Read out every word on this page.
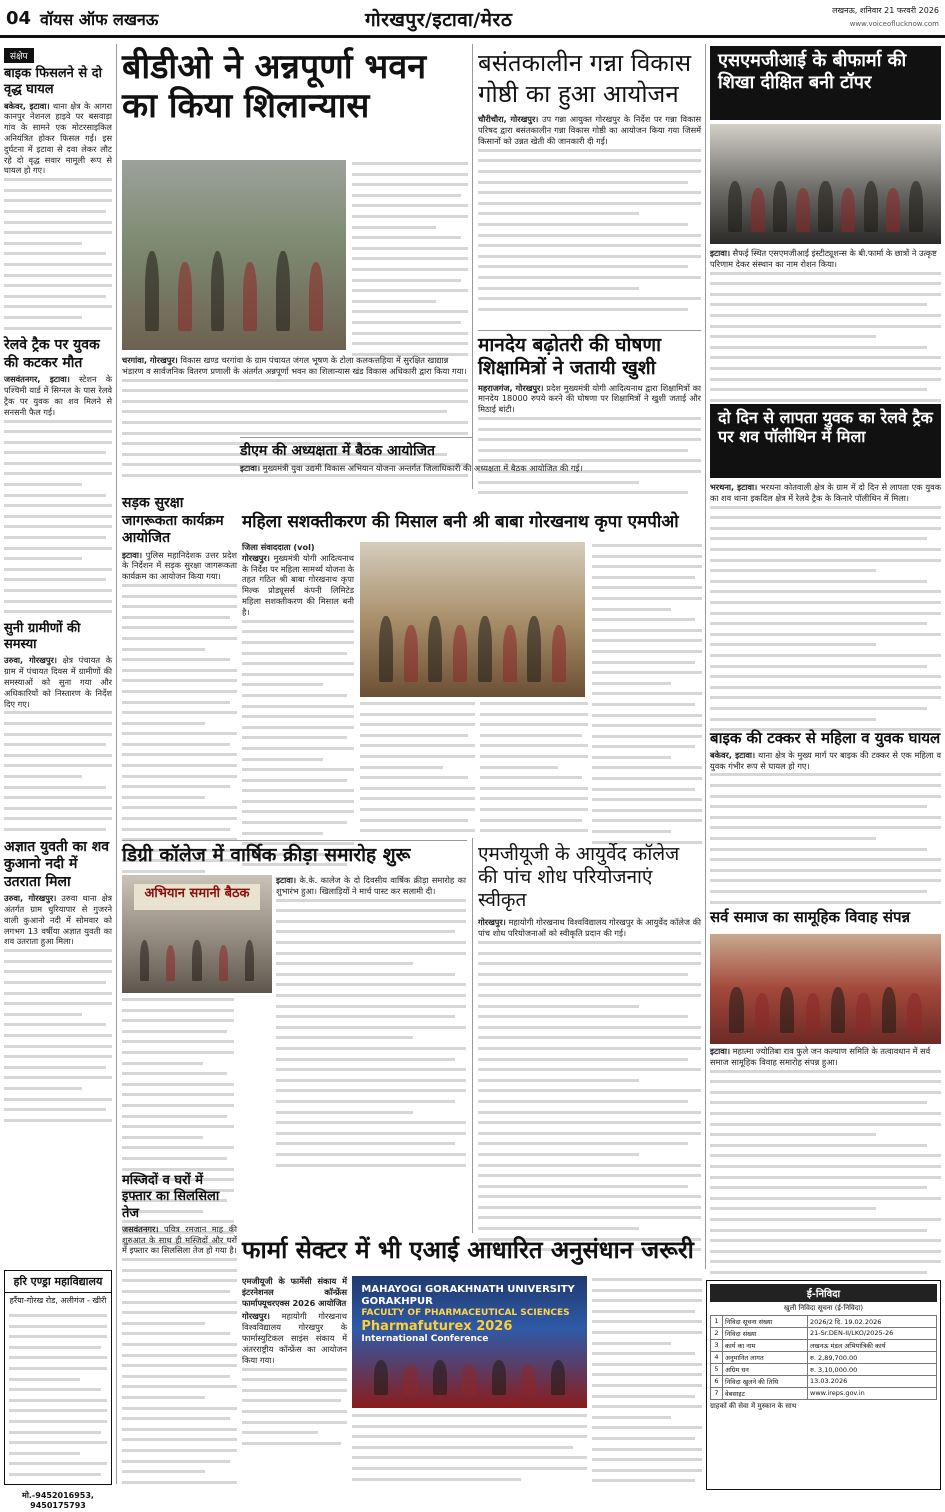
04 वॉयस ऑफ लखनऊ	गोरखपुर/इटावा/मेरठ	लखनऊ, शनिवार 21 फरवरी 2026
www.voiceoflucknow.com
संक्षेप
बाइक फिसलने से दो वृद्ध घायल
बकेवर, इटावा। थाना क्षेत्र के आगरा कानपुर नेशनल हाइवे पर बसवाड़ा गांव के सामने एक मोटरसाइकिल अनियंत्रित होकर फिसल गई। इस दुर्घटना में इटावा से दवा लेकर लौट रहे दो वृद्ध सवार मामूली रूप से घायल हो गए।
रेलवे ट्रैक पर युवक की कटकर मौत
जसवंतनगर, इटावा। स्टेशन के पश्चिमी यार्ड में सिग्नल के पास रेलवे ट्रैक पर युवक का शव मिलने से सनसनी फैल गई।
सुनी ग्रामीणों की समस्या
उरुवा, गोरखपुर। क्षेत्र पंचायत के ग्राम में पंचायत दिवस में ग्रामीणों की समस्याओं को सुना गया और अधिकारियों को निस्तारण के निर्देश दिए गए।
अज्ञात युवती का शव कुआनो नदी में उतराता मिला
उरुवा, गोरखपुर। उरुवा थाना क्षेत्र अंतर्गत ग्राम धुरियापार से गुजरने वाली कुआनो नदी में सोमवार को लगभग 13 वर्षीया अज्ञात युवती का शव उतराता हुआ मिला।
हरि एण्ड्रा महाविद्यालय
हर्रैया-गोरख रोड, अलीगंज - खीरी
मो.-9452016953, 9450175793
बीडीओ ने अन्नपूर्णा भवन का किया शिलान्यास
चरगांवा, गोरखपुर। विकास खण्ड चरगांवा के ग्राम पंचायत जंगल भूषण के टोला कलकत्तहिया में सुरक्षित खाद्यान्न भंडारण व सार्वजनिक वितरण प्रणाली के अंतर्गत अन्नपूर्णा भवन का शिलान्यास खंड विकास अधिकारी द्वारा किया गया।
बसंतकालीन गन्ना विकास गोष्ठी का हुआ आयोजन
चौरीचौरा, गोरखपुर। उप गन्ना आयुक्त गोरखपुर के निर्देश पर गन्ना विकास परिषद द्वारा बसंतकालीन गन्ना विकास गोष्ठी का आयोजन किया गया जिसमें किसानों को उन्नत खेती की जानकारी दी गई।
मानदेय बढ़ोतरी की घोषणा शिक्षामित्रों ने जतायी खुशी
महराजगंज, गोरखपुर। प्रदेश मुख्यमंत्री योगी आदित्यनाथ द्वारा शिक्षामित्रों का मानदेय 18000 रुपये करने की घोषणा पर शिक्षामित्रों ने खुशी जताई और मिठाई बांटी।
डीएम की अध्यक्षता में बैठक आयोजित
इटावा। मुख्यमंत्री युवा उद्यमी विकास अभियान योजना अन्तर्गत जिलाधिकारी की अध्यक्षता में बैठक आयोजित की गई।
सड़क सुरक्षा जागरूकता कार्यक्रम आयोजित
इटावा। पुलिस महानिदेशक उत्तर प्रदेश के निर्देशन में सड़क सुरक्षा जागरूकता कार्यक्रम का आयोजन किया गया।
महिला सशक्तीकरण की मिसाल बनी श्री बाबा गोरखनाथ कृपा एमपीओ
जिला संवाददाता (vol)
गोरखपुर। मुख्यमंत्री योगी आदित्यनाथ के निर्देश पर महिला सामर्थ्य योजना के तहत गठित श्री बाबा गोरखनाथ कृपा मिल्क प्रोड्यूसर्स कंपनी लिमिटेड महिला सशक्तीकरण की मिसाल बनी है।
एसएमजीआई के बीफार्मा की शिखा दीक्षित बनी टॉपर
इटावा। सैफई स्थित एसएमजीआई इंस्टीट्यूशन्स के बी.फार्मा के छात्रों ने उत्कृष्ट परिणाम देकर संस्थान का नाम रोशन किया।
दो दिन से लापता युवक का रेलवे ट्रैक पर शव पॉलीथिन में मिला
भरथना, इटावा। भरथना कोतवाली क्षेत्र के ग्राम में दो दिन से लापता एक युवक का शव थाना इकदिल क्षेत्र में रेलवे ट्रैक के किनारे पॉलीथिन में मिला।
बाइक की टक्कर से महिला व युवक घायल
बकेवर, इटावा। थाना क्षेत्र के मुख्य मार्ग पर बाइक की टक्कर से एक महिला व युवक गंभीर रूप से घायल हो गए।
सर्व समाज का सामूहिक विवाह संपन्न
इटावा। महात्मा ज्योतिबा राव फुले जन कल्याण समिति के तत्वावधान में सर्व समाज सामूहिक विवाह समारोह संपन्न हुआ।
ई-निविदा
खुली निविदा सूचना (ई-निविदा)
1	निविदा सूचना संख्या	2026/2 दि. 19.02.2026
2	निविदा संख्या	21-Sr.DEN-II/LKO/2025-26
3	कार्य का नाम	लखनऊ मंडल अभियांत्रिकी कार्य
4	अनुमानित लागत	रु. 2,89,700.00
5	अग्रिम धन	रु. 3,10,000.00
6	निविदा खुलने की तिथि	13.03.2026
7	वेबसाइट	www.ireps.gov.in
ग्राहकों की सेवा में मुस्कान के साथ
डिग्री कॉलेज में वार्षिक क्रीड़ा समारोह शुरू
अभियान समानी बैठक
इटावा। के.के. कालेज के दो दिवसीय वार्षिक क्रीड़ा समारोह का शुभारंभ हुआ। खिलाड़ियों ने मार्च पास्ट कर सलामी दी।
एमजीयूजी के आयुर्वेद कॉलेज की पांच शोध परियोजनाएं स्वीकृत
गोरखपुर। महायोगी गोरखनाथ विश्वविद्यालय गोरखपुर के आयुर्वेद कॉलेज की पांच शोध परियोजनाओं को स्वीकृति प्रदान की गई।
मस्जिदों व घरों में इफ्तार का सिलसिला तेज
जसवंतनगर। पवित्र रमजान माह की शुरुआत के साथ ही मस्जिदों और घरों में इफ्तार का सिलसिला तेज हो गया है। फार्मा सेक्टर में भी एआई आधारित अनुसंधान जरूरी
एमजीयूजी के फार्मेसी संकाय में इंटरनेशनल कॉन्फ्रेंस फार्माफ्यूचरएक्स 2026 आयोजित
गोरखपुर। महायोगी गोरखनाथ विश्वविद्यालय गोरखपुर के फार्मास्युटिकल साइंस संकाय में अंतरराष्ट्रीय कॉन्फ्रेंस का आयोजन किया गया।
MAHAYOGI GORAKHNATH UNIVERSITY GORAKHPUR
FACULTY OF PHARMACEUTICAL SCIENCES
Pharmafuturex 2026
International Conference
